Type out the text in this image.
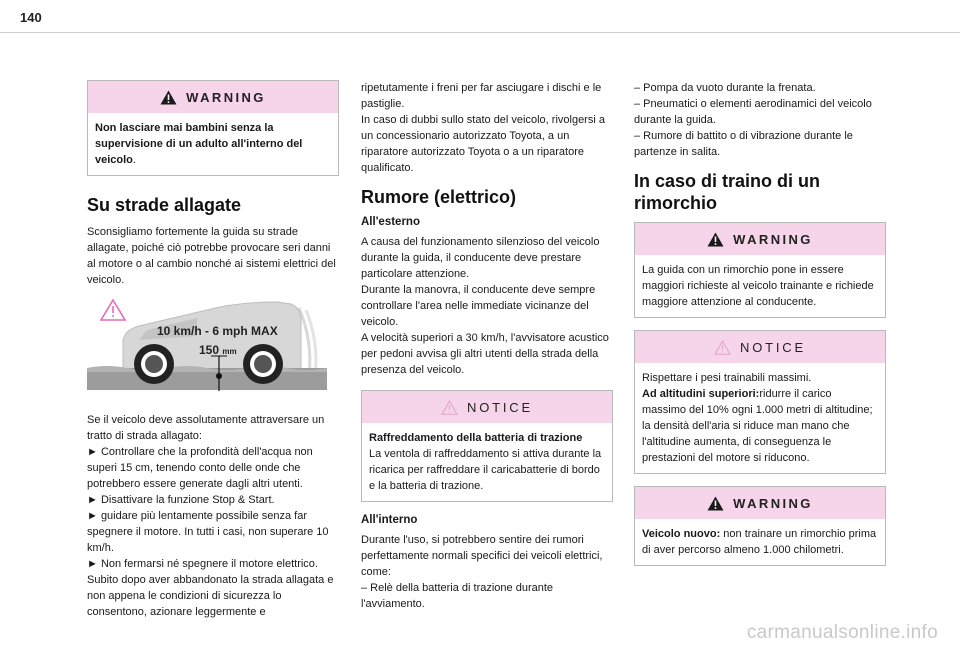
140
WARNING
Non lasciare mai bambini senza la supervisione di un adulto all'interno del veicolo.
Su strade allagate

Sconsigliamo fortemente la guida su strade allagate, poiché ciò potrebbe provocare seri danni al motore o al cambio nonché ai sistemi elettrici del veicolo.

10 km/h - 6 mph MAX
150 mm
Se il veicolo deve assolutamente attraversare un tratto di strada allagato:
► Controllare che la profondità dell'acqua non superi 15 cm, tenendo conto delle onde che potrebbero essere generate dagli altri utenti.
► Disattivare la funzione Stop & Start.
► guidare più lentamente possibile senza far spegnere il motore. In tutti i casi, non superare 10 km/h.
► Non fermarsi né spegnere il motore elettrico. Subito dopo aver abbandonato la strada allagata e non appena le condizioni di sicurezza lo consentono, azionare leggermente e
ripetutamente i freni per far asciugare i dischi e le pastiglie.
In caso di dubbi sullo stato del veicolo, rivolgersi a un concessionario autorizzato Toyota, a un riparatore autorizzato Toyota o a un riparatore qualificato.
Rumore (elettrico)
All'esterno
A causa del funzionamento silenzioso del veicolo durante la guida, il conducente deve prestare particolare attenzione.
Durante la manovra, il conducente deve sempre controllare l'area nelle immediate vicinanze del veicolo.
A velocità superiori a 30 km/h, l'avvisatore acustico per pedoni avvisa gli altri utenti della strada della presenza del veicolo.
NOTICE
Raffreddamento della batteria di trazione
La ventola di raffreddamento si attiva durante la ricarica per raffreddare il caricabatterie di bordo e la batteria di trazione.
All'interno
Durante l'uso, si potrebbero sentire dei rumori perfettamente normali specifici dei veicoli elettrici, come:
– Relè della batteria di trazione durante l'avviamento.
– Pompa da vuoto durante la frenata.
– Pneumatici o elementi aerodinamici del veicolo durante la guida.
– Rumore di battito o di vibrazione durante le partenze in salita.
In caso di traino di un rimorchio
WARNING
La guida con un rimorchio pone in essere maggiori richieste al veicolo trainante e richiede maggiore attenzione al conducente.
NOTICE
Rispettare i pesi trainabili massimi.
Ad altitudini superiori:ridurre il carico massimo del 10% ogni 1.000 metri di altitudine; la densità dell'aria si riduce man mano che l'altitudine aumenta, di conseguenza le prestazioni del motore si riducono.
WARNING
Veicolo nuovo: non trainare un rimorchio prima di aver percorso almeno 1.000 chilometri.
carmanualsonline.info
